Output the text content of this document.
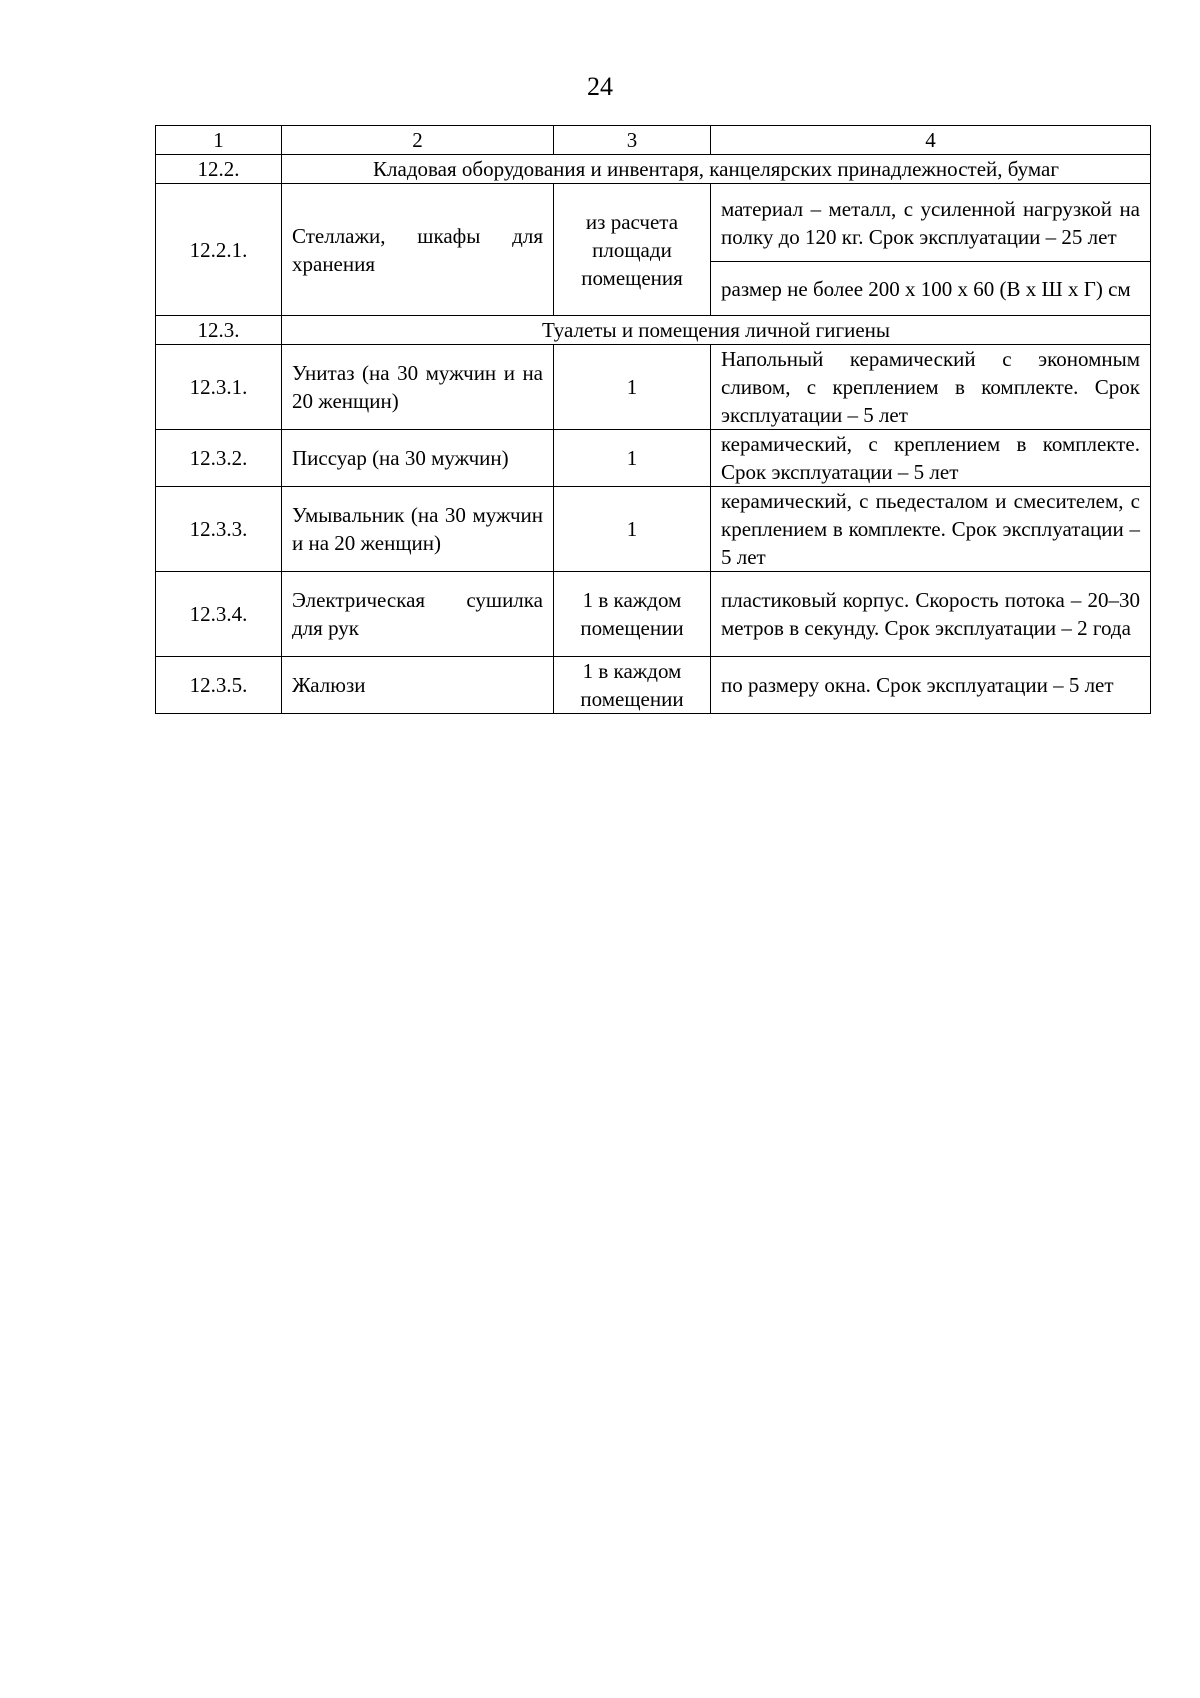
24
1	2	3	4
12.2.	Кладовая оборудования и инвентаря, канцелярских принадлежностей, бумаг		
12.2.1.	Стеллажи, шкафы для хранения	из расчета площади помещения	материал – металл, с усиленной нагрузкой на полку до 120 кг. Срок эксплуатации – 25 лет
			размер не более 200 x 100 x 60 (В x Ш x Г) см
12.3.	Туалеты и помещения личной гигиены		
12.3.1.	Унитаз (на 30 мужчин и на 20 женщин)	1	Напольный керамический с экономным сливом, с креплением в комплекте. Срок эксплуатации – 5 лет
12.3.2.	Писсуар (на 30 мужчин)	1	керамический, с креплением в комплекте. Срок эксплуатации – 5 лет
12.3.3.	Умывальник (на 30 мужчин и на 20 женщин)	1	керамический, с пьедесталом и смесителем, с креплением в комплекте. Срок эксплуатации – 5 лет
12.3.4.	Электрическая сушилка для рук	1 в каждом помещении	пластиковый корпус. Скорость потока – 20–30 метров в секунду. Срок эксплуатации – 2 года
12.3.5.	Жалюзи	1 в каждом помещении	по размеру окна. Срок эксплуатации – 5 лет
